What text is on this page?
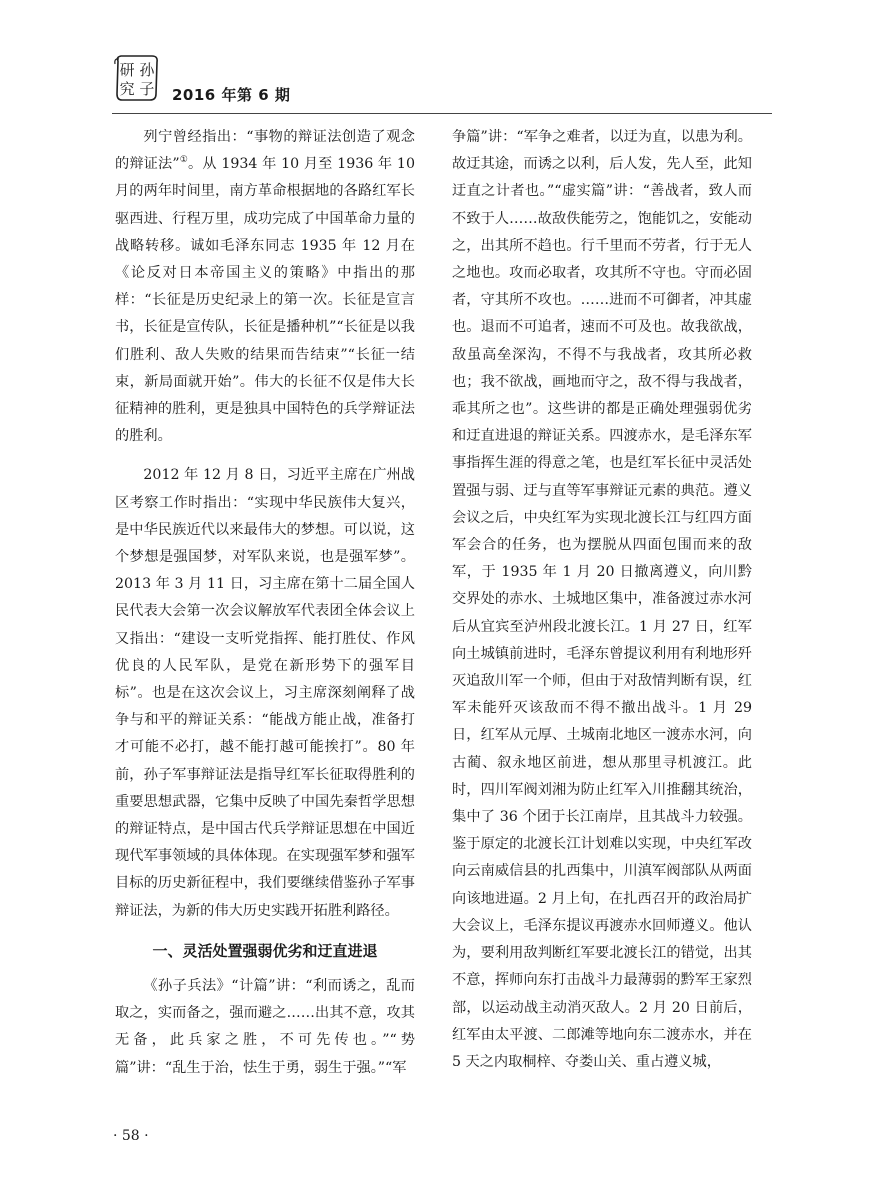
研 孙
究 子 2016 年第 6 期

列宁曾经指出：“事物的辩证法创造了观念的辩证法”①。从 1934 年 10 月至 1936 年 10 月的两年时间里，南方革命根据地的各路红军长驱西进、行程万里，成功完成了中国革命力量的战略转移。诚如毛泽东同志 1935 年 12 月在《论反对日本帝国主义的策略》中指出的那样：“长征是历史纪录上的第一次。长征是宣言书，长征是宣传队，长征是播种机”“长征是以我们胜利、敌人失败的结果而告结束”“长征一结束，新局面就开始”。伟大的长征不仅是伟大长征精神的胜利，更是独具中国特色的兵学辩证法的胜利。

2012 年 12 月 8 日，习近平主席在广州战区考察工作时指出：“实现中华民族伟大复兴，是中华民族近代以来最伟大的梦想。可以说，这个梦想是强国梦，对军队来说，也是强军梦”。2013 年 3 月 11 日，习主席在第十二届全国人民代表大会第一次会议解放军代表团全体会议上又指出：“建设一支听党指挥、能打胜仗、作风优良的人民军队，是党在新形势下的强军目标”。也是在这次会议上，习主席深刻阐释了战争与和平的辩证关系：“能战方能止战，准备打才可能不必打，越不能打越可能挨打”。80 年前，孙子军事辩证法是指导红军长征取得胜利的重要思想武器，它集中反映了中国先秦哲学思想的辩证特点，是中国古代兵学辩证思想在中国近现代军事领域的具体体现。在实现强军梦和强军目标的历史新征程中，我们要继续借鉴孙子军事辩证法，为新的伟大历史实践开拓胜利路径。

一、灵活处置强弱优劣和迂直进退

《孙子兵法》“计篇”讲：“利而诱之，乱而取之，实而备之，强而避之……出其不意，攻其无备，此兵家之胜，不可先传也。”“势篇”讲：“乱生于治，怯生于勇，弱生于强。”“军

争篇”讲：“军争之难者，以迂为直，以患为利。故迂其途，而诱之以利，后人发，先人至，此知迂直之计者也。”“虚实篇”讲：“善战者，致人而不致于人……故敌佚能劳之，饱能饥之，安能动之，出其所不趋也。行千里而不劳者，行于无人之地也。攻而必取者，攻其所不守也。守而必固者，守其所不攻也。……进而不可御者，冲其虚也。退而不可追者，速而不可及也。故我欲战，敌虽高垒深沟，不得不与我战者，攻其所必救也；我不欲战，画地而守之，敌不得与我战者，乖其所之也”。这些讲的都是正确处理强弱优劣和迂直进退的辩证关系。四渡赤水，是毛泽东军事指挥生涯的得意之笔，也是红军长征中灵活处置强与弱、迂与直等军事辩证元素的典范。遵义会议之后，中央红军为实现北渡长江与红四方面军会合的任务，也为摆脱从四面包围而来的敌军，于 1935 年 1 月 20 日撤离遵义，向川黔交界处的赤水、土城地区集中，准备渡过赤水河后从宜宾至泸州段北渡长江。1 月 27 日，红军向土城镇前进时，毛泽东曾提议利用有利地形歼灭追敌川军一个师，但由于对敌情判断有误，红军未能歼灭该敌而不得不撤出战斗。1 月 29 日，红军从元厚、土城南北地区一渡赤水河，向古蔺、叙永地区前进，想从那里寻机渡江。此时，四川军阀刘湘为防止红军入川推翻其统治，集中了 36 个团于长江南岸，且其战斗力较强。鉴于原定的北渡长江计划难以实现，中央红军改向云南威信县的扎西集中，川滇军阀部队从两面向该地进逼。2 月上旬，在扎西召开的政治局扩大会议上，毛泽东提议再渡赤水回师遵义。他认为，要利用敌判断红军要北渡长江的错觉，出其不意，挥师向东打击战斗力最薄弱的黔军王家烈部，以运动战主动消灭敌人。2 月 20 日前后，红军由太平渡、二郎滩等地向东二渡赤水，并在 5 天之内取桐梓、夺娄山关、重占遵义城，

· 58 ·
